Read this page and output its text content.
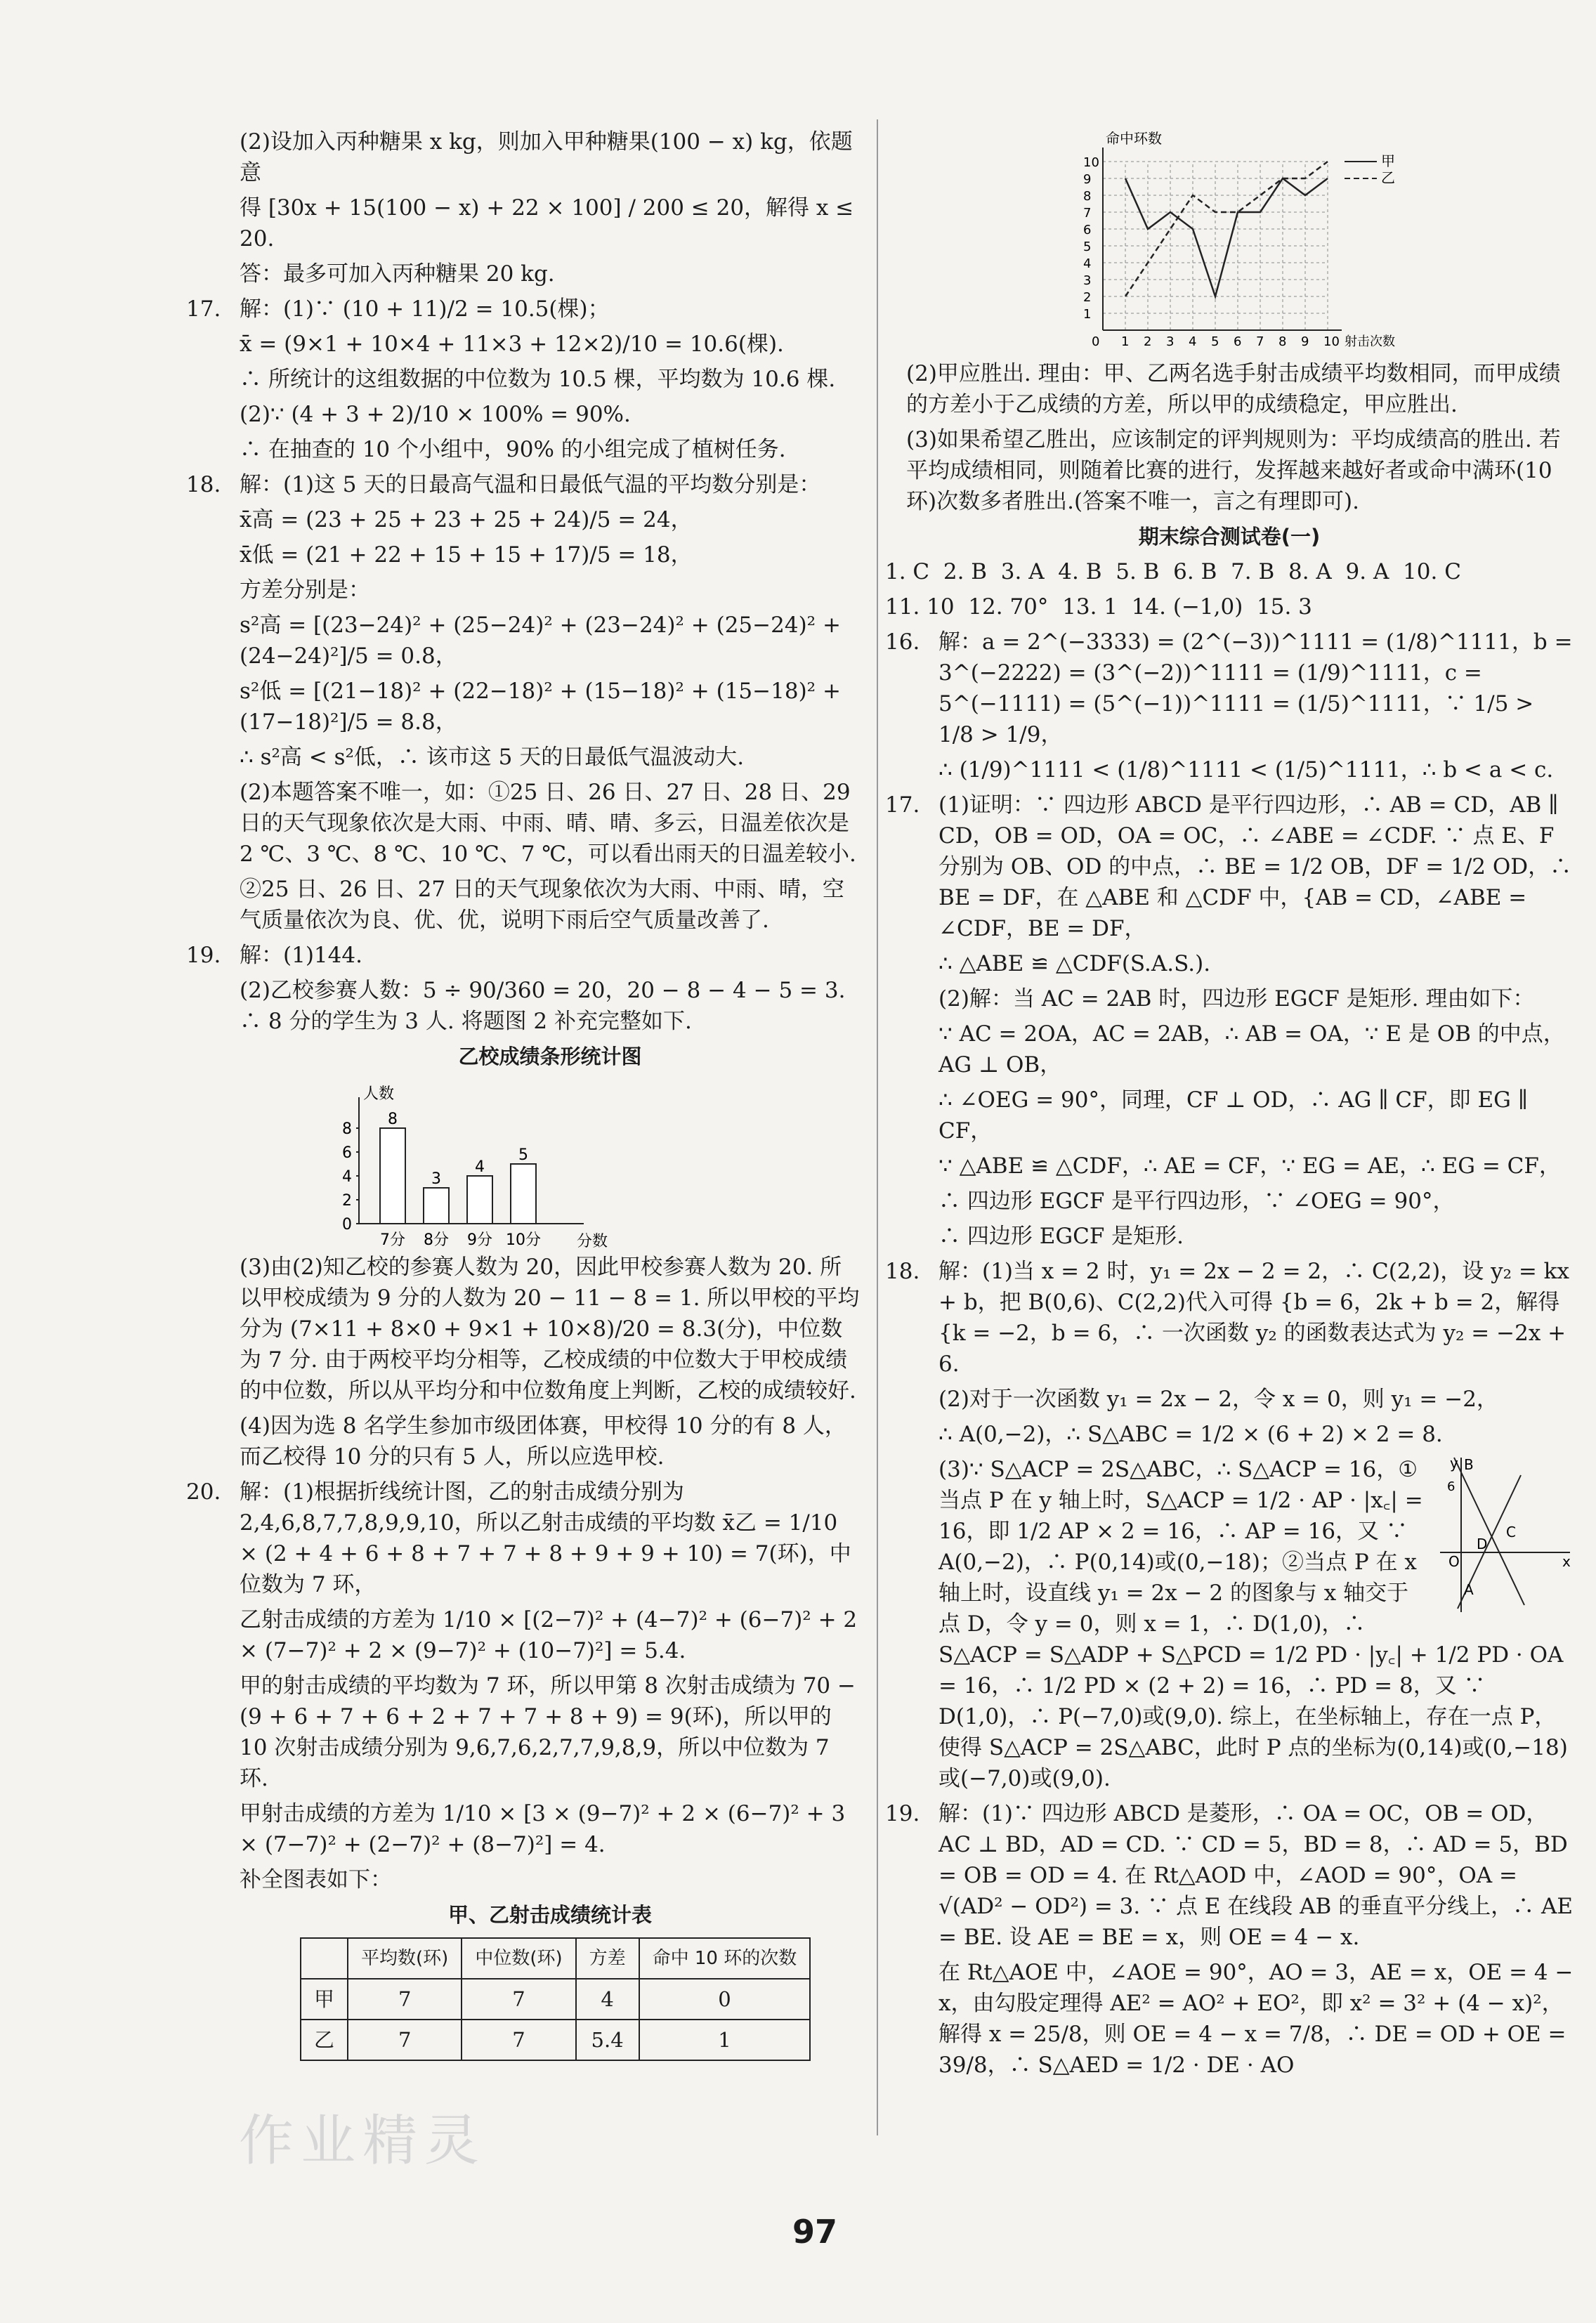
(2)设加入丙种糖果 x kg，则加入甲种糖果(100 − x) kg，依题意

得 [30x + 15(100 − x) + 22 × 100] / 200 ≤ 20，解得 x ≤ 20.

答：最多可加入丙种糖果 20 kg.

17. 解：(1)∵ (10 + 11)/2 = 10.5(棵)；

x̄ = (9×1 + 10×4 + 11×3 + 12×2)/10 = 10.6(棵).

∴ 所统计的这组数据的中位数为 10.5 棵，平均数为 10.6 棵.

(2)∵ (4 + 3 + 2)/10 × 100% = 90%.

∴ 在抽查的 10 个小组中，90% 的小组完成了植树任务.

18. 解：(1)这 5 天的日最高气温和日最低气温的平均数分别是：

x̄高 = (23 + 25 + 23 + 25 + 24)/5 = 24，

x̄低 = (21 + 22 + 15 + 15 + 17)/5 = 18，

方差分别是：

s²高 = [(23−24)² + (25−24)² + (23−24)² + (25−24)² + (24−24)²]/5 = 0.8，

s²低 = [(21−18)² + (22−18)² + (15−18)² + (15−18)² + (17−18)²]/5 = 8.8，

∴ s²高 < s²低，∴ 该市这 5 天的日最低气温波动大.

(2)本题答案不唯一，如：①25 日、26 日、27 日、28 日、29 日的天气现象依次是大雨、中雨、晴、晴、多云，日温差依次是 2 ℃、3 ℃、8 ℃、10 ℃、7 ℃，可以看出雨天的日温差较小.

②25 日、26 日、27 日的天气现象依次为大雨、中雨、晴，空气质量依次为良、优、优，说明下雨后空气质量改善了.

19. 解：(1)144.

(2)乙校参赛人数：5 ÷ 90/360 = 20，20 − 8 − 4 − 5 = 3. ∴ 8 分的学生为 3 人. 将题图 2 补充完整如下.

乙校成绩条形统计图
人数
分数
0
2
4
6
8
8
7分
3
8分
4
9分
5
10分

(3)由(2)知乙校的参赛人数为 20，因此甲校参赛人数为 20. 所以甲校成绩为 9 分的人数为 20 − 11 − 8 = 1. 所以甲校的平均分为 (7×11 + 8×0 + 9×1 + 10×8)/20 = 8.3(分)，中位数为 7 分. 由于两校平均分相等，乙校成绩的中位数大于甲校成绩的中位数，所以从平均分和中位数角度上判断，乙校的成绩较好.

(4)因为选 8 名学生参加市级团体赛，甲校得 10 分的有 8 人，而乙校得 10 分的只有 5 人，所以应选甲校.

20. 解：(1)根据折线统计图，乙的射击成绩分别为 2,4,6,8,7,7,8,9,9,10，所以乙射击成绩的平均数 x̄乙 = 1/10 × (2 + 4 + 6 + 8 + 7 + 7 + 8 + 9 + 9 + 10) = 7(环)，中位数为 7 环，

乙射击成绩的方差为 1/10 × [(2−7)² + (4−7)² + (6−7)² + 2 × (7−7)² + 2 × (9−7)² + (10−7)²] = 5.4.

甲的射击成绩的平均数为 7 环，所以甲第 8 次射击成绩为 70 − (9 + 6 + 7 + 6 + 2 + 7 + 7 + 8 + 9) = 9(环)，所以甲的 10 次射击成绩分别为 9,6,7,6,2,7,7,9,8,9，所以中位数为 7 环.

甲射击成绩的方差为 1/10 × [3 × (9−7)² + 2 × (6−7)² + 3 × (7−7)² + (2−7)² + (8−7)²] = 4.

补全图表如下：

甲、乙射击成绩统计表
	平均数(环)	中位数(环)	方差	命中 10 环的次数
甲	7	7	4	0
乙	7	7	5.4	1
命中环数
1
2
3
4
5
6
7
8
9
10
1 2 3 4 5 6 7 8 9 10
0	射击次数
甲
乙

(2)甲应胜出. 理由：甲、乙两名选手射击成绩平均数相同，而甲成绩的方差小于乙成绩的方差，所以甲的成绩稳定，甲应胜出.

(3)如果希望乙胜出，应该制定的评判规则为：平均成绩高的胜出. 若平均成绩相同，则随着比赛的进行，发挥越来越好者或命中满环(10 环)次数多者胜出.(答案不唯一，言之有理即可).

期末综合测试卷(一)

1. C  2. B  3. A  4. B  5. B  6. B  7. B  8. A  9. A  10. C

11. 10  12. 70°  13. 1  14. (−1,0)  15. 3

16. 解：a = 2^(−3333) = (2^(−3))^1111 = (1/8)^1111，b = 3^(−2222) = (3^(−2))^1111 = (1/9)^1111，c = 5^(−1111) = (5^(−1))^1111 = (1/5)^1111，∵ 1/5 > 1/8 > 1/9，

∴ (1/9)^1111 < (1/8)^1111 < (1/5)^1111，∴ b < a < c.

17. (1)证明：∵ 四边形 ABCD 是平行四边形，∴ AB = CD，AB ∥ CD，OB = OD，OA = OC，∴ ∠ABE = ∠CDF. ∵ 点 E、F 分别为 OB、OD 的中点，∴ BE = 1/2 OB，DF = 1/2 OD，∴ BE = DF，在 △ABE 和 △CDF 中，{AB = CD，∠ABE = ∠CDF，BE = DF，

∴ △ABE ≌ △CDF(S.A.S.).

(2)解：当 AC = 2AB 时，四边形 EGCF 是矩形. 理由如下：

∵ AC = 2OA，AC = 2AB，∴ AB = OA，∵ E 是 OB 的中点，AG ⊥ OB，

∴ ∠OEG = 90°，同理，CF ⊥ OD，∴ AG ∥ CF，即 EG ∥ CF，

∵ △ABE ≌ △CDF，∴ AE = CF，∵ EG = AE，∴ EG = CF，

∴ 四边形 EGCF 是平行四边形，∵ ∠OEG = 90°，

∴ 四边形 EGCF 是矩形.

18. 解：(1)当 x = 2 时，y₁ = 2x − 2 = 2，∴ C(2,2)，设 y₂ = kx + b，把 B(0,6)、C(2,2)代入可得 {b = 6，2k + b = 2，解得 {k = −2，b = 6，∴ 一次函数 y₂ 的函数表达式为 y₂ = −2x + 6.

(2)对于一次函数 y₁ = 2x − 2，令 x = 0，则 y₁ = −2，

∴ A(0,−2)，∴ S△ABC = 1/2 × (6 + 2) × 2 = 8.

B
C
D
O
A
x
y
6

(3)∵ S△ACP = 2S△ABC，∴ S△ACP = 16，①当点 P 在 y 轴上时，S△ACP = 1/2 · AP · |x꜀| = 16，即 1/2 AP × 2 = 16，∴ AP = 16，又 ∵ A(0,−2)，∴ P(0,14)或(0,−18)；②当点 P 在 x 轴上时，设直线 y₁ = 2x − 2 的图象与 x 轴交于点 D，令 y = 0，则 x = 1，∴ D(1,0)，∴ S△ACP = S△ADP + S△PCD = 1/2 PD · |y꜀| + 1/2 PD · OA = 16，∴ 1/2 PD × (2 + 2) = 16，∴ PD = 8，又 ∵ D(1,0)，∴ P(−7,0)或(9,0). 综上，在坐标轴上，存在一点 P，使得 S△ACP = 2S△ABC，此时 P 点的坐标为(0,14)或(0,−18)或(−7,0)或(9,0).

19. 解：(1)∵ 四边形 ABCD 是菱形，∴ OA = OC，OB = OD，AC ⊥ BD，AD = CD. ∵ CD = 5，BD = 8，∴ AD = 5，BD = OB = OD = 4. 在 Rt△AOD 中，∠AOD = 90°，OA = √(AD² − OD²) = 3. ∵ 点 E 在线段 AB 的垂直平分线上，∴ AE = BE. 设 AE = BE = x，则 OE = 4 − x.

在 Rt△AOE 中，∠AOE = 90°，AO = 3，AE = x，OE = 4 − x，由勾股定理得 AE² = AO² + EO²，即 x² = 3² + (4 − x)²，解得 x = 25/8，则 OE = 4 − x = 7/8，∴ DE = OD + OE = 39/8，∴ S△AED = 1/2 · DE · AO

97
作业精灵
